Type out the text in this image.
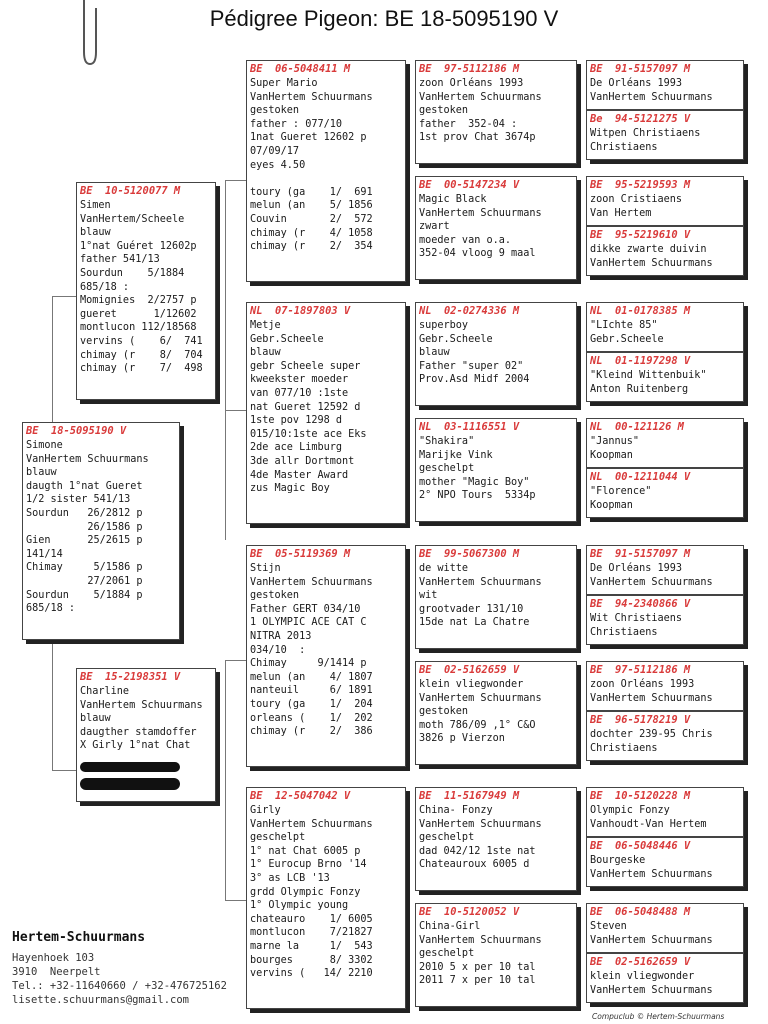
Pédigree Pigeon: BE 18-5095190 V
BE  18-5095190 V
Simone
VanHertem Schuurmans
blauw
daugth 1°nat Gueret
1/2 sister 541/13
Sourdun   26/2812 p
26/1586 p
Gien      25/2615 p
141/14
Chimay     5/1586 p
27/2061 p
Sourdun    5/1884 p
685/18 :
BE  10-5120077 M
Simen
VanHertem/Scheele
blauw
1°nat Guéret 12602p
father 541/13
Sourdun    5/1884
685/18 :
Momignies  2/2757 p
gueret      1/12602
montlucon 112/18568
vervins (    6/  741
chimay (r    8/  704
chimay (r    7/  498
BE  15-2198351 V
Charline
VanHertem Schuurmans
blauw
daugther stamdoffer
X Girly 1°nat Chat
BE  06-5048411 M
Super Mario
VanHertem Schuurmans
gestoken
father : 077/10
1nat Gueret 12602 p
07/09/17
eyes 4.50
toury (ga    1/  691
melun (an    5/ 1856
Couvin       2/  572
chimay (r    4/ 1058
chimay (r    2/  354
NL  07-1897803 V
Metje
Gebr.Scheele
blauw
gebr Scheele super
kweekster moeder
van 077/10 :1ste
nat Gueret 12592 d
1ste pov 1298 d
015/10:1ste ace Eks
2de ace Limburg
3de allr Dortmont
4de Master Award
zus Magic Boy
BE  05-5119369 M
Stijn
VanHertem Schuurmans
gestoken
Father GERT 034/10
1 OLYMPIC ACE CAT C
NITRA 2013
034/10  :
Chimay     9/1414 p
melun (an    4/ 1807
nanteuil     6/ 1891
toury (ga    1/  204
orleans (    1/  202
chimay (r    2/  386
BE  12-5047042 V
Girly
VanHertem Schuurmans
geschelpt
1° nat Chat 6005 p
1° Eurocup Brno '14
3° as LCB '13
grdd Olympic Fonzy
1° Olympic young
chateauro    1/ 6005
montlucon    7/21827
marne la     1/  543
bourges      8/ 3302
vervins (   14/ 2210
BE  97-5112186 M
zoon Orléans 1993
VanHertem Schuurmans
gestoken
father  352-04 :
1st prov Chat 3674p
BE  00-5147234 V
Magic Black
VanHertem Schuurmans
zwart
moeder van o.a.
352-04 vloog 9 maal
NL  02-0274336 M
superboy
Gebr.Scheele
blauw
Father "super 02"
Prov.Asd Midf 2004
NL  03-1116551 V
"Shakira"
Marijke Vink
geschelpt
mother "Magic Boy"
2° NPO Tours  5334p
BE  99-5067300 M
de witte
VanHertem Schuurmans
wit
grootvader 131/10
15de nat La Chatre
BE  02-5162659 V
klein vliegwonder
VanHertem Schuurmans
gestoken
moth 786/09 ,1° C&O
3826 p Vierzon
BE  11-5167949 M
China- Fonzy
VanHertem Schuurmans
geschelpt
dad 042/12 1ste nat
Chateauroux 6005 d
BE  10-5120052 V
China-Girl
VanHertem Schuurmans
geschelpt
2010 5 x per 10 tal
2011 7 x per 10 tal
BE  91-5157097 M
De Orléans 1993
VanHertem Schuurmans
Be  94-5121275 V
Witpen Christiaens
Christiaens
BE  95-5219593 M
zoon Cristiaens
Van Hertem
BE  95-5219610 V
dikke zwarte duivin
VanHertem Schuurmans
NL  01-0178385 M
"LIchte 85"
Gebr.Scheele
NL  01-1197298 V
"Kleind Wittenbuik"
Anton Ruitenberg
NL  00-121126 M
"Jannus"
Koopman
NL  00-1211044 V
"Florence"
Koopman
BE  91-5157097 M
De Orléans 1993
VanHertem Schuurmans
BE  94-2340866 V
Wit Christiaens
Christiaens
BE  97-5112186 M
zoon Orléans 1993
VanHertem Schuurmans
BE  96-5178219 V
dochter 239-95 Chris
Christiaens
BE  10-5120228 M
Olympic Fonzy
Vanhoudt-Van Hertem
BE  06-5048446 V
Bourgeske
VanHertem Schuurmans
BE  06-5048488 M
Steven
VanHertem Schuurmans
BE  02-5162659 V
klein vliegwonder
VanHertem Schuurmans
Hertem-Schuurmans
Hayenhoek 103
3910  Neerpelt
Tel.: +32-11640660 / +32-476725162
lisette.schuurmans@gmail.com
Compuclub © Hertem-Schuurmans
